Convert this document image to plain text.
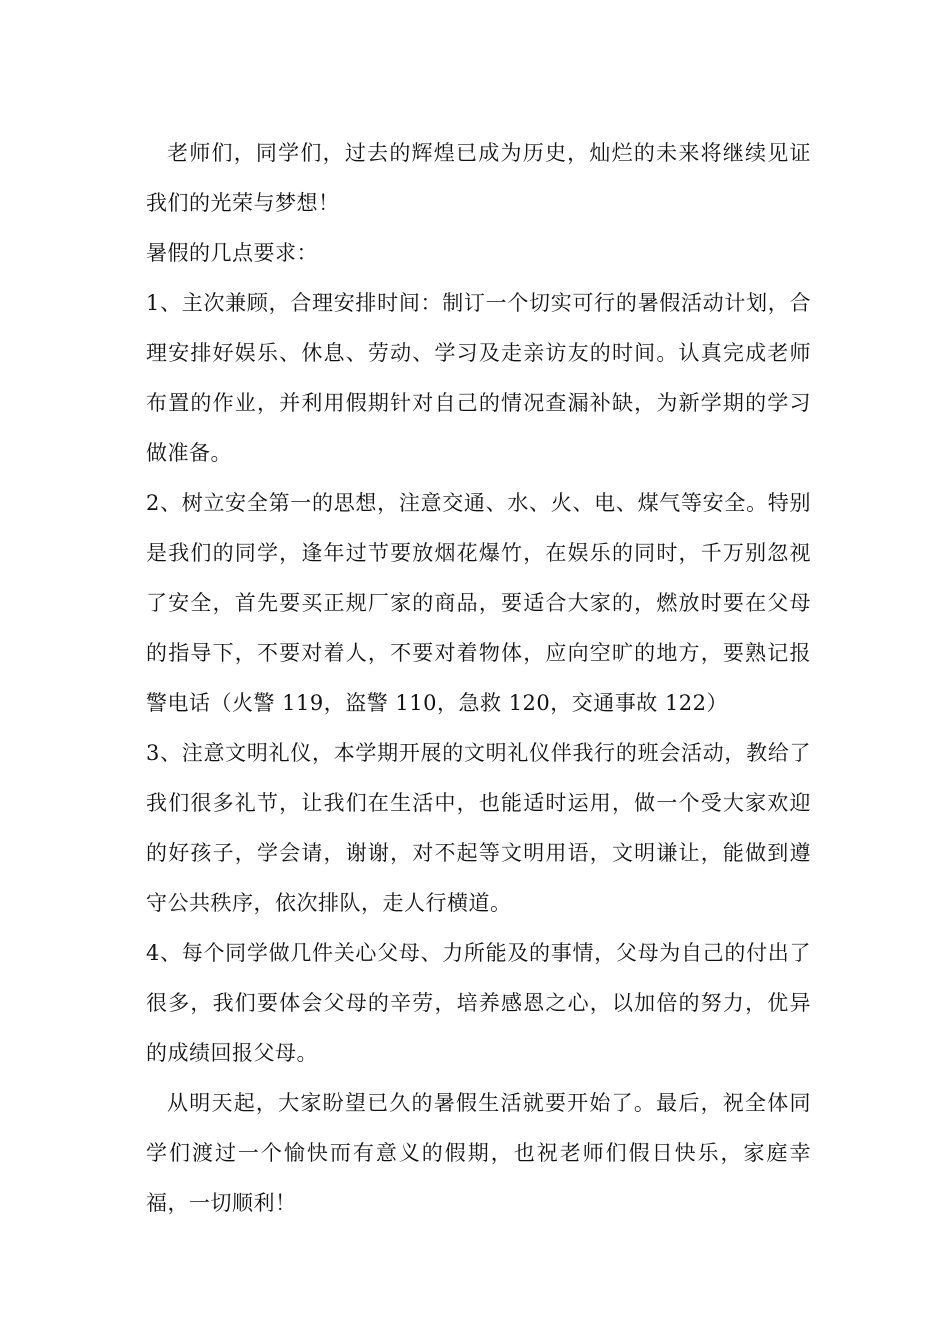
老师们，同学们，过去的辉煌已成为历史，灿烂的未来将继续见证我们的光荣与梦想！

暑假的几点要求：

1、主次兼顾，合理安排时间：制订一个切实可行的暑假活动计划，合理安排好娱乐、休息、劳动、学习及走亲访友的时间。认真完成老师布置的作业，并利用假期针对自己的情况查漏补缺，为新学期的学习做准备。

2、树立安全第一的思想，注意交通、水、火、电、煤气等安全。特别是我们的同学，逢年过节要放烟花爆竹，在娱乐的同时，千万别忽视了安全，首先要买正规厂家的商品，要适合大家的，燃放时要在父母的指导下，不要对着人，不要对着物体，应向空旷的地方，要熟记报警电话（火警 119，盗警 110，急救 120，交通事故 122）

3、注意文明礼仪，本学期开展的文明礼仪伴我行的班会活动，教给了我们很多礼节，让我们在生活中，也能适时运用，做一个受大家欢迎的好孩子，学会请，谢谢，对不起等文明用语，文明谦让，能做到遵守公共秩序，依次排队，走人行横道。

4、每个同学做几件关心父母、力所能及的事情，父母为自己的付出了很多，我们要体会父母的辛劳，培养感恩之心，以加倍的努力，优异的成绩回报父母。

从明天起，大家盼望已久的暑假生活就要开始了。最后，祝全体同学们渡过一个愉快而有意义的假期，也祝老师们假日快乐，家庭幸福，一切顺利！
